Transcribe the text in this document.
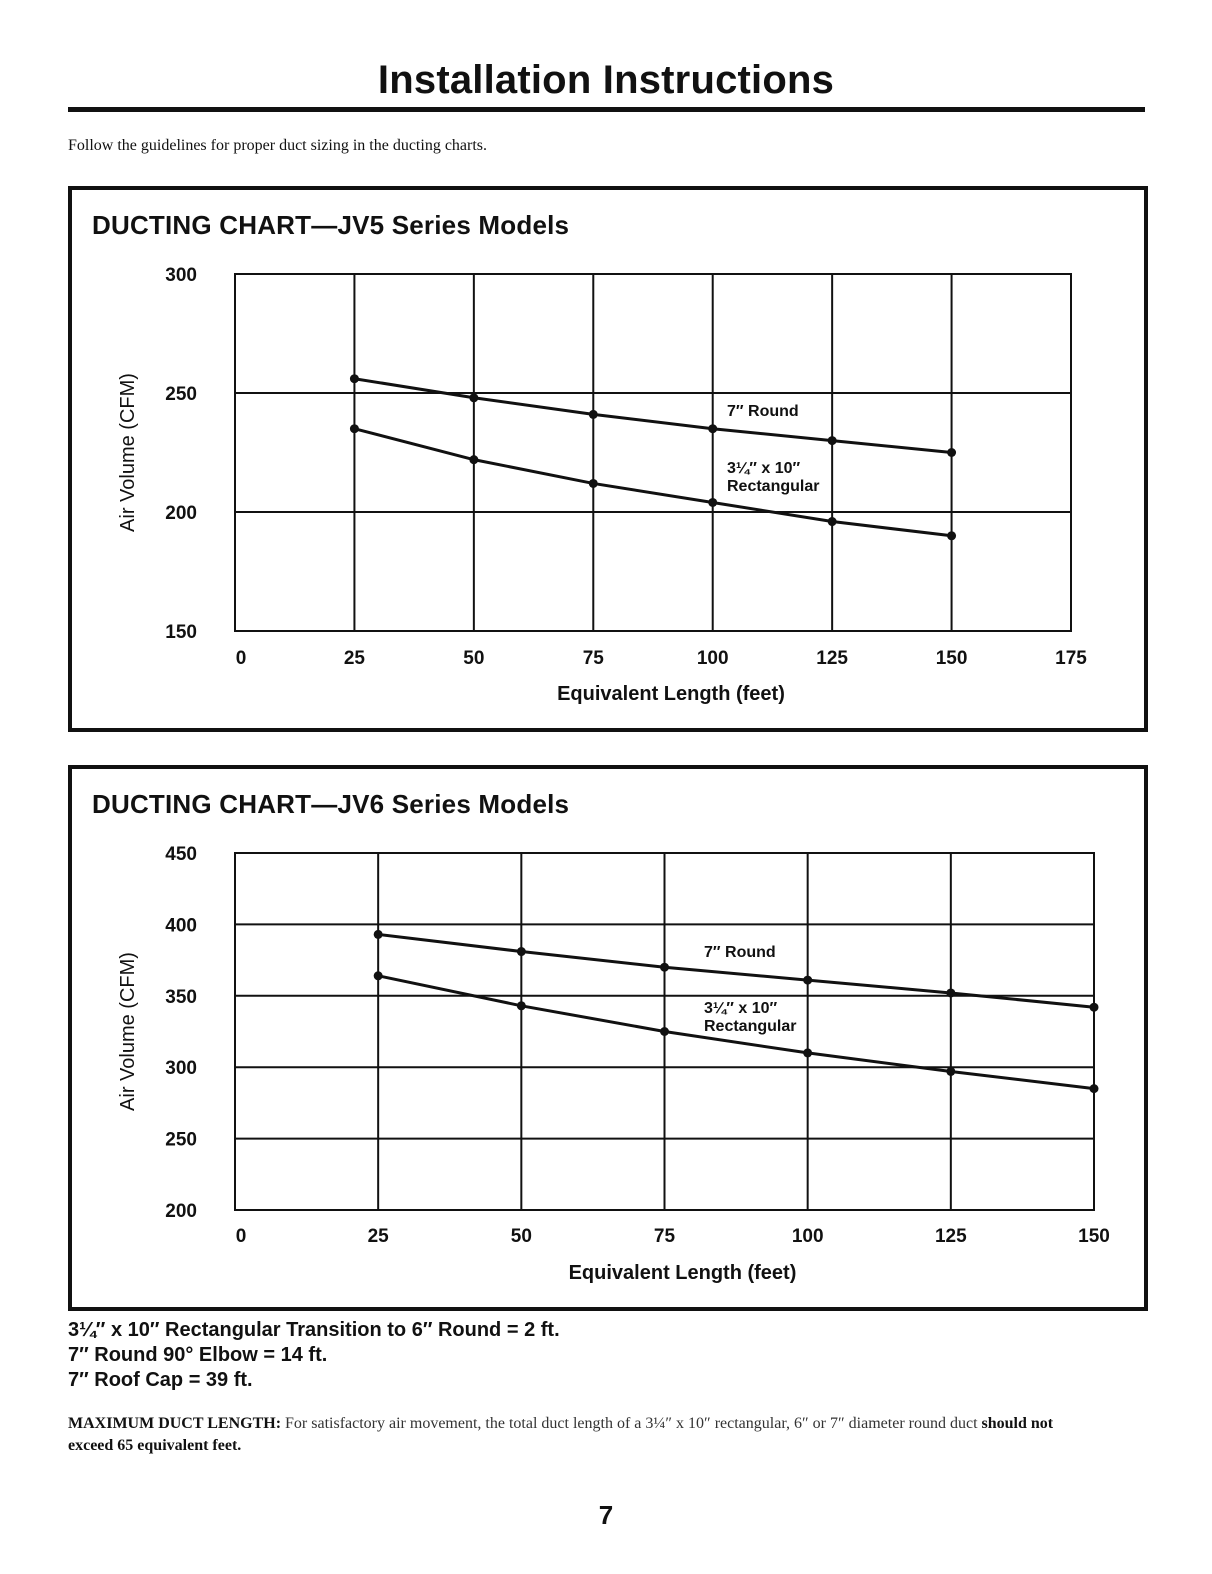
Installation Instructions
Follow the guidelines for proper duct sizing in the ducting charts.
DUCTING CHART—JV5 Series Models
0	25	50	75	100	125	150	175
150
200
250
300
Equivalent Length (feet)
Air Volume (CFM)	7″ Round
3¼″ x 10″ Rectangular
DUCTING CHART—JV6 Series Models
0	25	50	75	100	125	150
200
250
300
350
400
450
Equivalent Length (feet)
Air Volume (CFM)	7″ Round
3¼″ x 10″ Rectangular
3¼″ x 10″ Rectangular Transition to 6″ Round = 2 ft.
7″ Round 90° Elbow = 14 ft.
7″ Roof Cap = 39 ft.
MAXIMUM DUCT LENGTH: For satisfactory air movement, the total duct length of a 3¼″ x 10″ rectangular, 6″ or 7″ diameter round duct should not exceed 65 equivalent feet.
7
